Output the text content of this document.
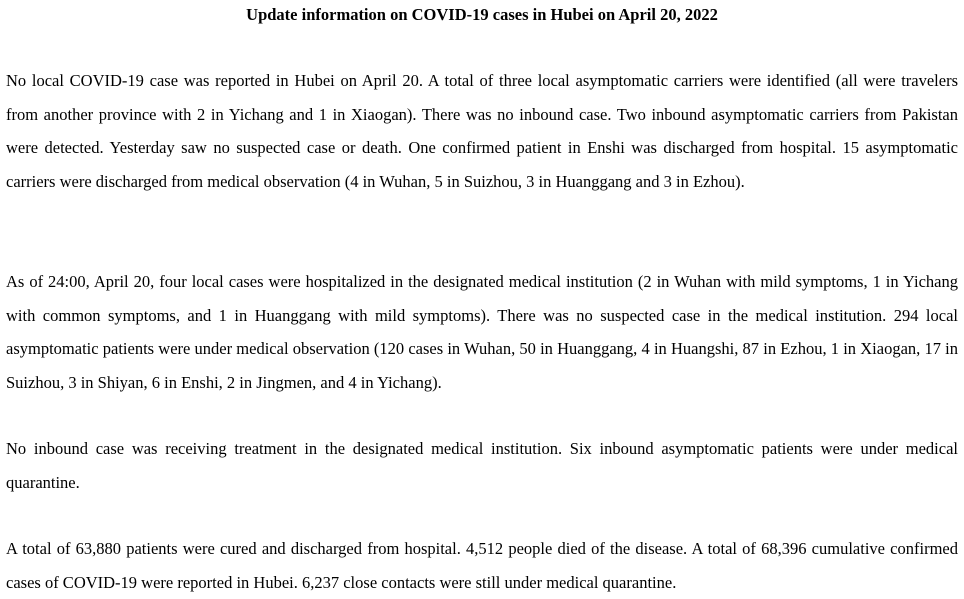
Update information on COVID-19 cases in Hubei on April 20, 2022

No local COVID-19 case was reported in Hubei on April 20. A total of three local asymptomatic carriers were identified (all were travelers from another province with 2 in Yichang and 1 in Xiaogan). There was no inbound case. Two inbound asymptomatic carriers from Pakistan were detected. Yesterday saw no suspected case or death. One confirmed patient in Enshi was discharged from hospital. 15 asymptomatic carriers were discharged from medical observation (4 in Wuhan, 5 in Suizhou, 3 in Huanggang and 3 in Ezhou).

As of 24:00, April 20, four local cases were hospitalized in the designated medical institution (2 in Wuhan with mild symptoms, 1 in Yichang with common symptoms, and 1 in Huanggang with mild symptoms). There was no suspected case in the medical institution. 294 local asymptomatic patients were under medical observation (120 cases in Wuhan, 50 in Huanggang, 4 in Huangshi, 87 in Ezhou, 1 in Xiaogan, 17 in Suizhou, 3 in Shiyan, 6 in Enshi, 2 in Jingmen, and 4 in Yichang).

No inbound case was receiving treatment in the designated medical institution. Six inbound asymptomatic patients were under medical quarantine.

A total of 63,880 patients were cured and discharged from hospital. 4,512 people died of the disease. A total of 68,396 cumulative confirmed cases of COVID-19 were reported in Hubei. 6,237 close contacts were still under medical quarantine.
